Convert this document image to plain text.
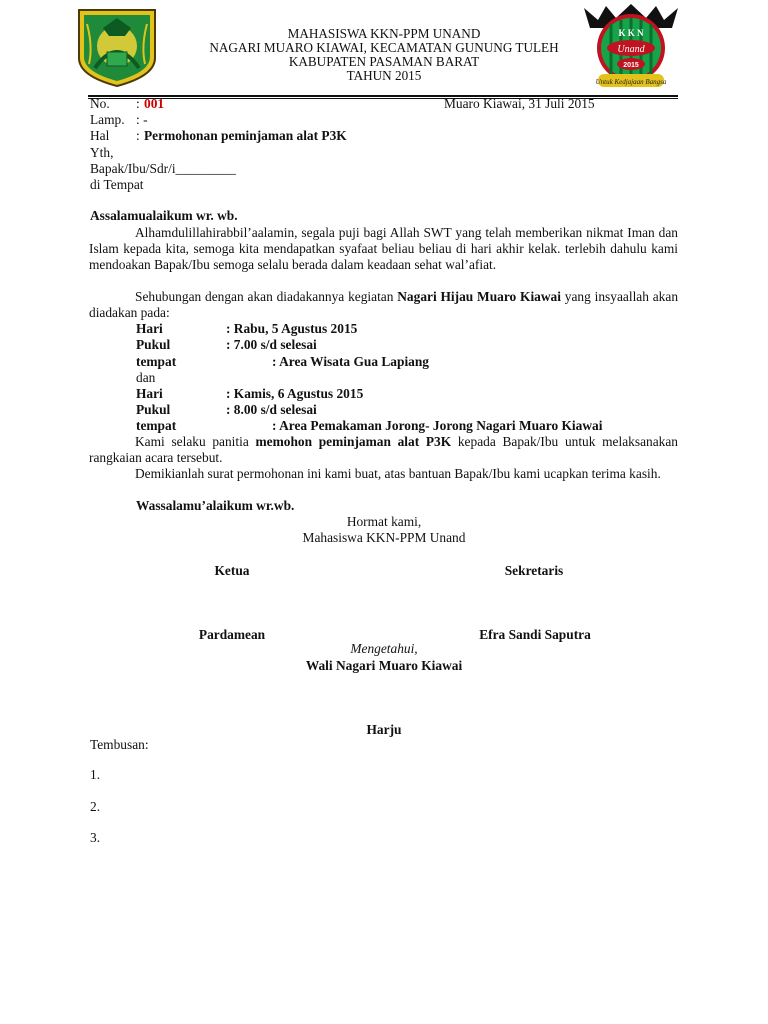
K K N
Unand
2015
Untuk Kedjajaan Bangsa
MAHASISWA KKN-PPM UNAND
NAGARI MUARO KIAWAI, KECAMATAN GUNUNG TULEH
KABUPATEN PASAMAN BARAT
TAHUN 2015
No. : 001	Muaro Kiawai, 31 Juli 2015
Lamp. : -
Hal : Permohonan peminjaman alat P3K
Yth,
Bapak/Ibu/Sdr/i_________
di Tempat
Assalamualaikum wr. wb.
Alhamdulillahirabbil’aalamin, segala puji bagi Allah SWT yang telah memberikan nikmat Iman dan Islam kepada kita, semoga kita mendapatkan syafaat beliau beliau di hari akhir kelak. terlebih dahulu kami mendoakan Bapak/Ibu semoga selalu berada dalam keadaan sehat wal’afiat.
Sehubungan dengan akan diadakannya kegiatan Nagari Hijau Muaro Kiawai yang insyaallah akan diadakan pada:
Hari	: Rabu, 5 Agustus 2015
Pukul	: 7.00 s/d selesai
tempat	: Area Wisata Gua Lapiang
dan
Hari	: Kamis, 6 Agustus 2015
Pukul	: 8.00 s/d selesai
tempat	: Area Pemakaman Jorong- Jorong Nagari Muaro Kiawai
Kami selaku panitia memohon peminjaman alat P3K kepada Bapak/Ibu untuk melaksanakan rangkaian acara tersebut.
Demikianlah surat permohonan ini kami buat, atas bantuan Bapak/Ibu kami ucapkan terima kasih.
Wassalamu’alaikum wr.wb.
Hormat kami,
Mahasiswa KKN-PPM Unand
Ketua	Sekretaris
Pardamean	Efra Sandi Saputra
Mengetahui,
Wali Nagari Muaro Kiawai
Harju
Tembusan:
1.
2.
3.
